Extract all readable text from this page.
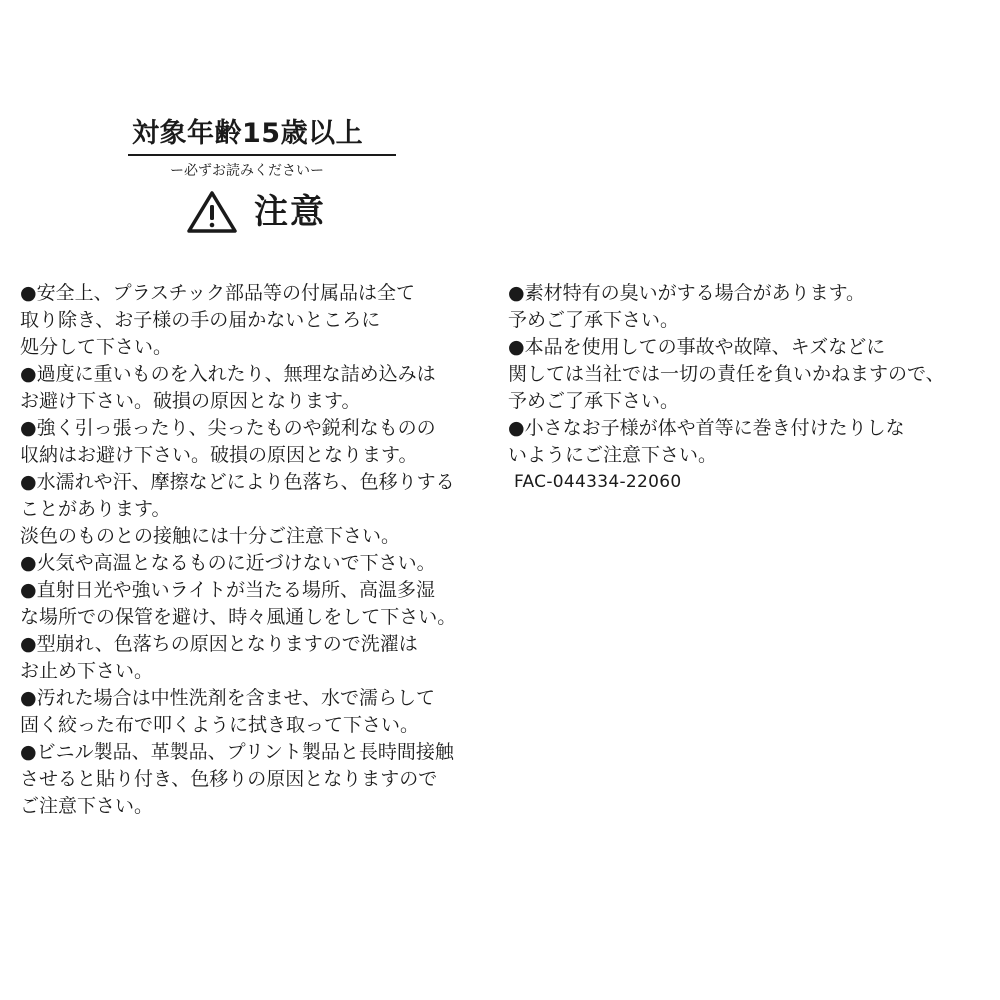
対象年齢15歳以上
ー必ずお読みくださいー
注意
●安全上、プラスチック部品等の付属品は全て
取り除き、お子様の手の届かないところに
処分して下さい。
●過度に重いものを入れたり、無理な詰め込みは
お避け下さい。破損の原因となります。
●強く引っ張ったり、尖ったものや鋭利なものの
収納はお避け下さい。破損の原因となります。
●水濡れや汗、摩擦などにより色落ち、色移りする
ことがあります。
淡色のものとの接触には十分ご注意下さい。
●火気や高温となるものに近づけないで下さい。
●直射日光や強いライトが当たる場所、高温多湿
な場所での保管を避け、時々風通しをして下さい。
●型崩れ、色落ちの原因となりますので洗濯は
お止め下さい。
●汚れた場合は中性洗剤を含ませ、水で濡らして
固く絞った布で叩くように拭き取って下さい。
●ビニル製品、革製品、プリント製品と長時間接触
させると貼り付き、色移りの原因となりますので
ご注意下さい。
●素材特有の臭いがする場合があります。
予めご了承下さい。
●本品を使用しての事故や故障、キズなどに
関しては当社では一切の責任を負いかねますので、
予めご了承下さい。
●小さなお子様が体や首等に巻き付けたりしな
いようにご注意下さい。
FAC-044334-22060
